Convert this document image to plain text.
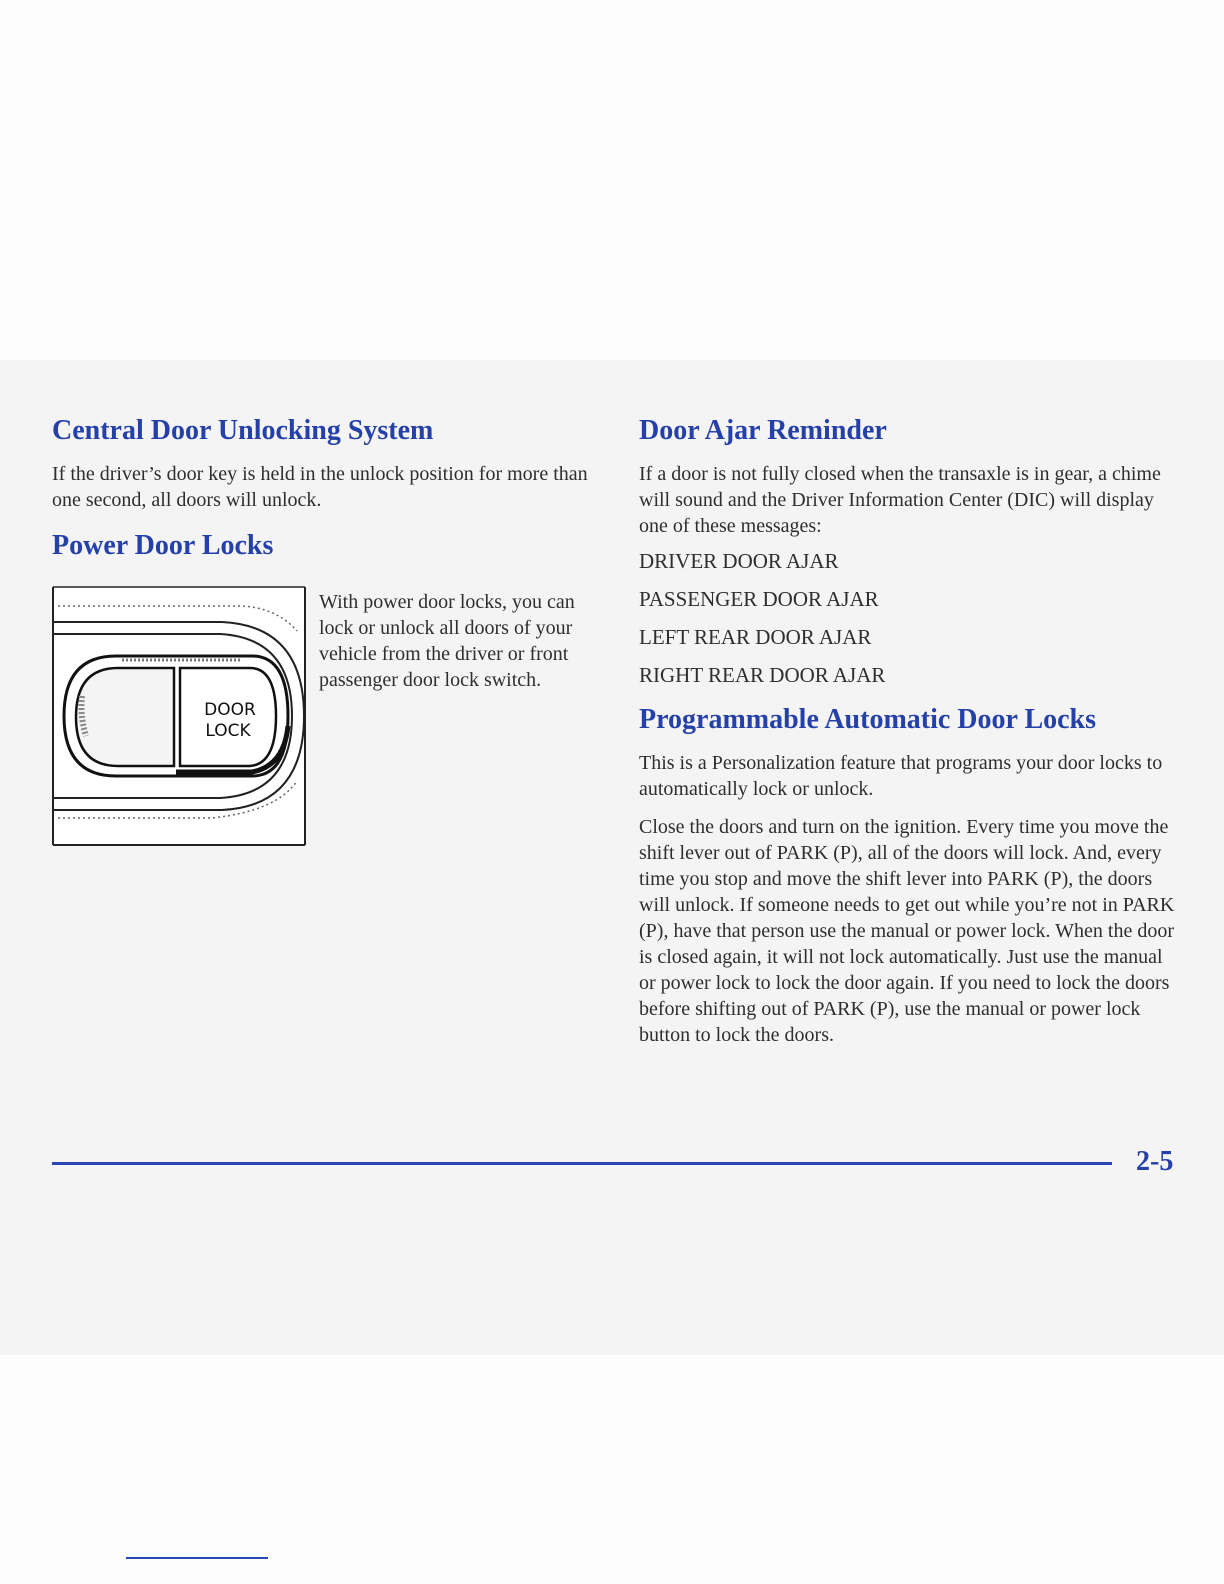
Central Door Unlocking System

If the driver’s door key is held in the unlock position for more than one second, all doors will unlock.

Power Door Locks
DOOR
LOCK

With power door locks, you can lock or unlock all doors of your vehicle from the driver or front passenger door lock switch.

Door Ajar Reminder

If a door is not fully closed when the transaxle is in gear, a chime will sound and the Driver Information Center (DIC) will display one of these messages:

DRIVER DOOR AJAR

PASSENGER DOOR AJAR

LEFT REAR DOOR AJAR

RIGHT REAR DOOR AJAR

Programmable Automatic Door Locks

This is a Personalization feature that programs your door locks to automatically lock or unlock.

Close the doors and turn on the ignition. Every time you move the shift lever out of PARK (P), all of the doors will lock. And, every time you stop and move the shift lever into PARK (P), the doors will unlock. If someone needs to get out while you’re not in PARK (P), have that person use the manual or power lock. When the door is closed again, it will not lock automatically. Just use the manual or power lock to lock the door again. If you need to lock the doors before shifting out of PARK (P), use the manual or power lock button to lock the doors.

2-5
